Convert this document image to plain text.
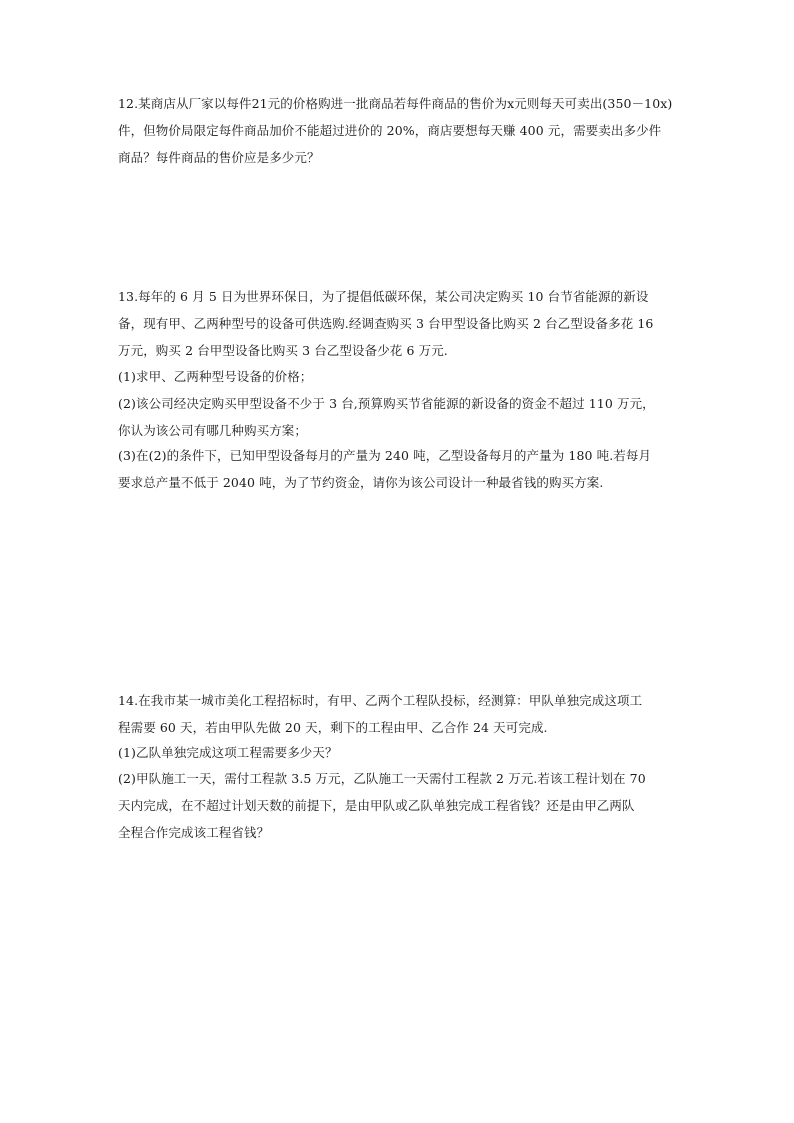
12.某商店从厂家以每件21元的价格购进一批商品若每件商品的售价为x元则每天可卖出(350－10x)
件，但物价局限定每件商品加价不能超过进价的 20%，商店要想每天赚 400 元，需要卖出多少件
商品？每件商品的售价应是多少元？
13.每年的 6 月 5 日为世界环保日，为了提倡低碳环保，某公司决定购买 10 台节省能源的新设
备，现有甲、乙两种型号的设备可供选购.经调查购买 3 台甲型设备比购买 2 台乙型设备多花 16
万元，购买 2 台甲型设备比购买 3 台乙型设备少花 6 万元.
(1)求甲、乙两种型号设备的价格；
(2)该公司经决定购买甲型设备不少于 3 台,预算购买节省能源的新设备的资金不超过 110 万元，
你认为该公司有哪几种购买方案；
(3)在(2)的条件下，已知甲型设备每月的产量为 240 吨，乙型设备每月的产量为 180 吨.若每月
要求总产量不低于 2040 吨，为了节约资金，请你为该公司设计一种最省钱的购买方案.
14.在我市某一城市美化工程招标时，有甲、乙两个工程队投标，经测算：甲队单独完成这项工
程需要 60 天，若由甲队先做 20 天，剩下的工程由甲、乙合作 24 天可完成.
(1)乙队单独完成这项工程需要多少天？
(2)甲队施工一天，需付工程款 3.5 万元，乙队施工一天需付工程款 2 万元.若该工程计划在 70
天内完成，在不超过计划天数的前提下，是由甲队或乙队单独完成工程省钱？还是由甲乙两队
全程合作完成该工程省钱？
